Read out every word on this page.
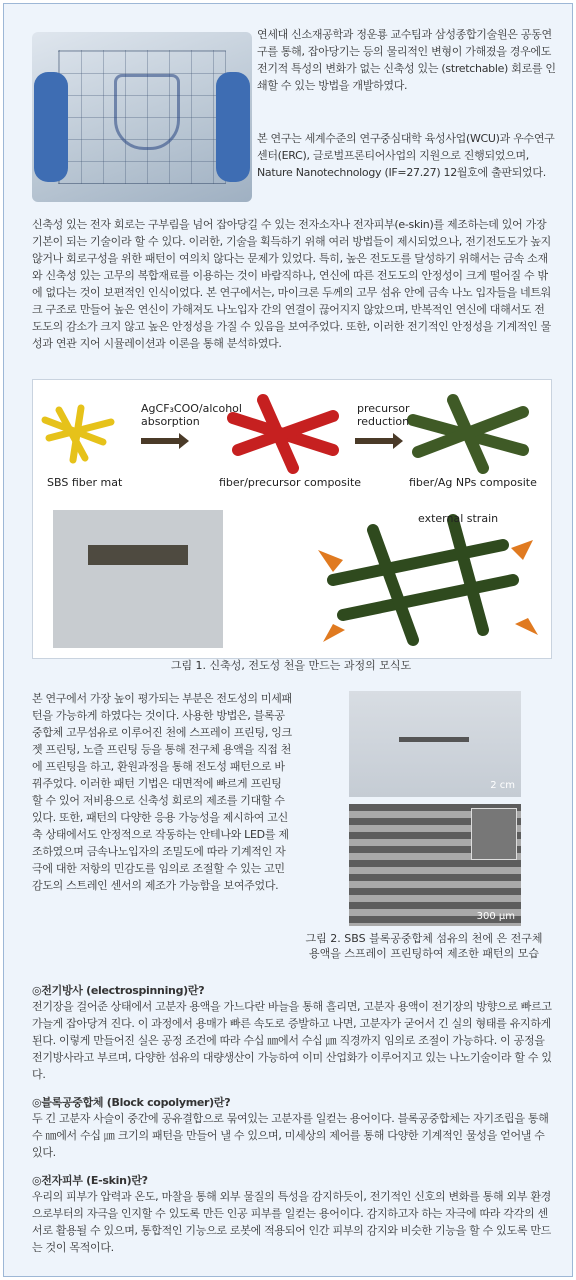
연세대 신소재공학과 정운룡 교수팀과 삼성종합기술원은 공동연구를 통해, 잡아당기는 등의 물리적인 변형이 가해졌을 경우에도 전기적 특성의 변화가 없는 신축성 있는 (stretchable) 회로를 인쇄할 수 있는 방법을 개발하였다.
본 연구는 세계수준의 연구중심대학 육성사업(WCU)과 우수연구센터(ERC), 글로벌프론티어사업의 지원으로 진행되었으며, Nature Nanotechnology (IF=27.27) 12월호에 출판되었다.
신축성 있는 전자 회로는 구부림을 넘어 잡아당길 수 있는 전자소자나 전자피부(e-skin)를 제조하는데 있어 가장 기본이 되는 기술이라 할 수 있다. 이러한, 기술을 획득하기 위해 여러 방법들이 제시되었으나, 전기전도도가 높지 않거나 회로구성을 위한 패턴이 여의치 않다는 문제가 있었다. 특히, 높은 전도도를 달성하기 위해서는 금속 소재와 신축성 있는 고무의 복합재료를 이용하는 것이 바람직하나, 연신에 따른 전도도의 안정성이 크게 떨어질 수 밖에 없다는 것이 보편적인 인식이었다. 본 연구에서는, 마이크론 두께의 고무 섬유 안에 금속 나노 입자들을 네트워크 구조로 만들어 높은 연신이 가해져도 나노입자 간의 연결이 끊어지지 않았으며, 반복적인 연신에 대해서도 전도도의 감소가 크지 않고 높은 안정성을 가질 수 있음을 보여주었다. 또한, 이러한 전기적인 안정성을 기계적인 물성과 연관 지어 시뮬레이션과 이론을 통해 분석하였다.
AgCF₃COO/alcohol
absorption
precursor
reduction
SBS fiber mat	fiber/precursor composite	fiber/Ag NPs composite
external strain
그림 1. 신축성, 전도성 천을 만드는 과정의 모식도
본 연구에서 가장 높이 평가되는 부분은 전도성의 미세패턴을 가능하게 하였다는 것이다. 사용한 방법은, 블록공중합체 고무섬유로 이루어진 천에 스프레이 프린팅, 잉크젯 프린팅, 노즐 프린팅 등을 통해 전구체 용액을 직접 천에 프린팅을 하고, 환원과정을 통해 전도성 패턴으로 바꿔주었다. 이러한 패턴 기법은 대면적에 빠르게 프린팅 할 수 있어 저비용으로 신축성 회로의 제조를 기대할 수 있다. 또한, 패턴의 다양한 응용 가능성을 제시하여 고신축 상태에서도 안정적으로 작동하는 안테나와 LED를 제조하였으며 금속나노입자의 조밀도에 따라 기계적인 자극에 대한 저항의 민감도를 임의로 조절할 수 있는 고민감도의 스트레인 센서의 제조가 가능함을 보여주었다.
2 cm
300 μm
그림 2. SBS 블록공중합체 섬유의 천에 은 전구체 용액을 스프레이 프린팅하여 제조한 패턴의 모습
◎전기방사 (electrospinning)란?
전기장을 걸어준 상태에서 고분자 용액을 가느다란 바늘을 통해 흘리면, 고분자 용액이 전기장의 방향으로 빠르고 가늘게 잡아당겨 진다. 이 과정에서 용매가 빠른 속도로 증발하고 나면, 고분자가 굳어서 긴 실의 형태를 유지하게 된다. 이렇게 만들어진 실은 공정 조건에 따라 수십 ㎚에서 수십 ㎛ 직경까지 임의로 조절이 가능하다. 이 공정을 전기방사라고 부르며, 다양한 섬유의 대량생산이 가능하여 이미 산업화가 이루어지고 있는 나노기술이라 할 수 있다.
◎블록공중합체 (Block copolymer)란?
두 긴 고분자 사슬이 중간에 공유결합으로 묶여있는 고분자를 일컫는 용어이다. 블록공중합체는 자기조립을 통해 수 ㎚에서 수십 ㎛ 크기의 패턴을 만들어 낼 수 있으며, 미세상의 제어를 통해 다양한 기계적인 물성을 얻어낼 수 있다.
◎전자피부 (E-skin)란?
우리의 피부가 압력과 온도, 마찰을 통해 외부 물질의 특성을 감지하듯이, 전기적인 신호의 변화를 통해 외부 환경으로부터의 자극을 인지할 수 있도록 만든 인공 피부를 일컫는 용어이다. 감지하고자 하는 자극에 따라 각각의 센서로 활용될 수 있으며, 통합적인 기능으로 로봇에 적용되어 인간 피부의 감지와 비슷한 기능을 할 수 있도록 만드는 것이 목적이다.
